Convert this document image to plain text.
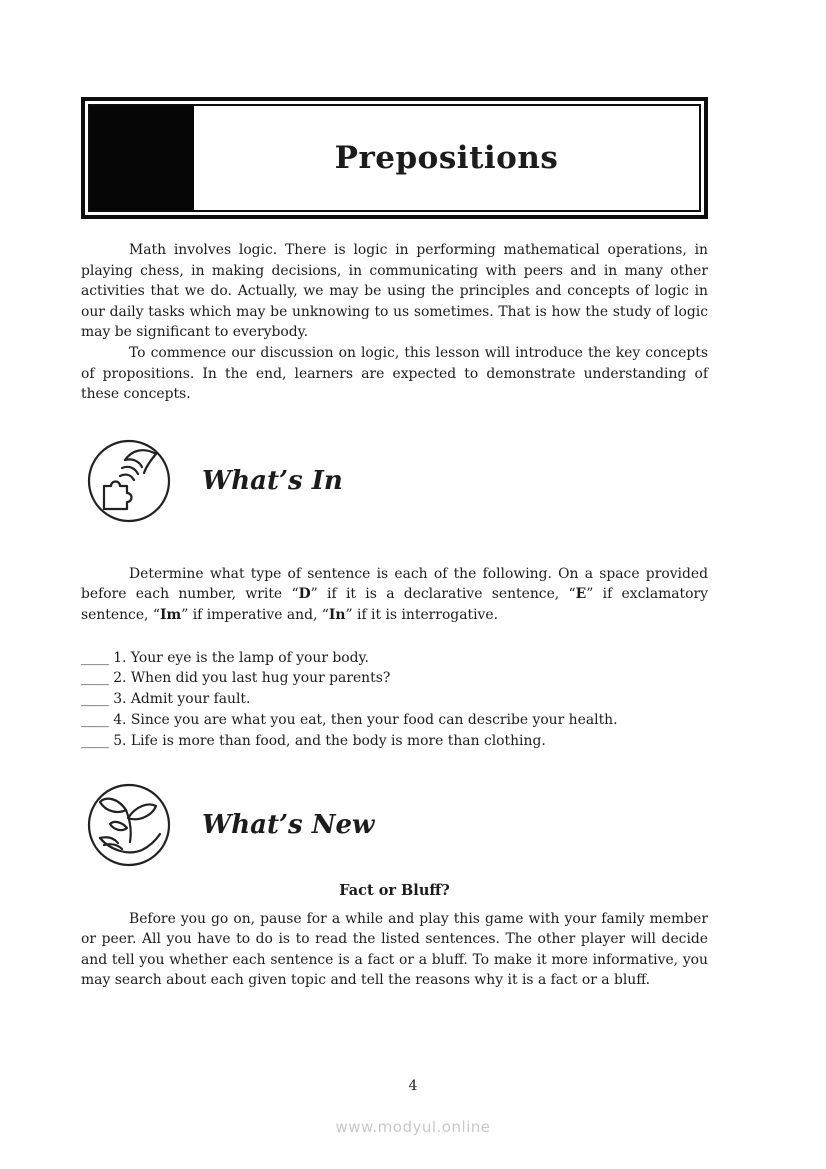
Prepositions

Math involves logic. There is logic in performing mathematical operations, in playing chess, in making decisions, in communicating with peers and in many other activities that we do. Actually, we may be using the principles and concepts of logic in our daily tasks which may be unknowing to us sometimes. That is how the study of logic may be significant to everybody.

To commence our discussion on logic, this lesson will introduce the key concepts of propositions. In the end, learners are expected to demonstrate understanding of these concepts.

What’s In

Determine what type of sentence is each of the following. On a space provided before each number, write “D” if it is a declarative sentence, “E” if exclamatory sentence, “Im” if imperative and, “In” if it is interrogative.

____ 1. Your eye is the lamp of your body.
____ 2. When did you last hug your parents?
____ 3. Admit your fault.
____ 4. Since you are what you eat, then your food can describe your health.
____ 5. Life is more than food, and the body is more than clothing.
What’s New

Fact or Bluff?

Before you go on, pause for a while and play this game with your family member or peer. All you have to do is to read the listed sentences. The other player will decide and tell you whether each sentence is a fact or a bluff. To make it more informative, you may search about each given topic and tell the reasons why it is a fact or a bluff.

4
www.modyul.online
